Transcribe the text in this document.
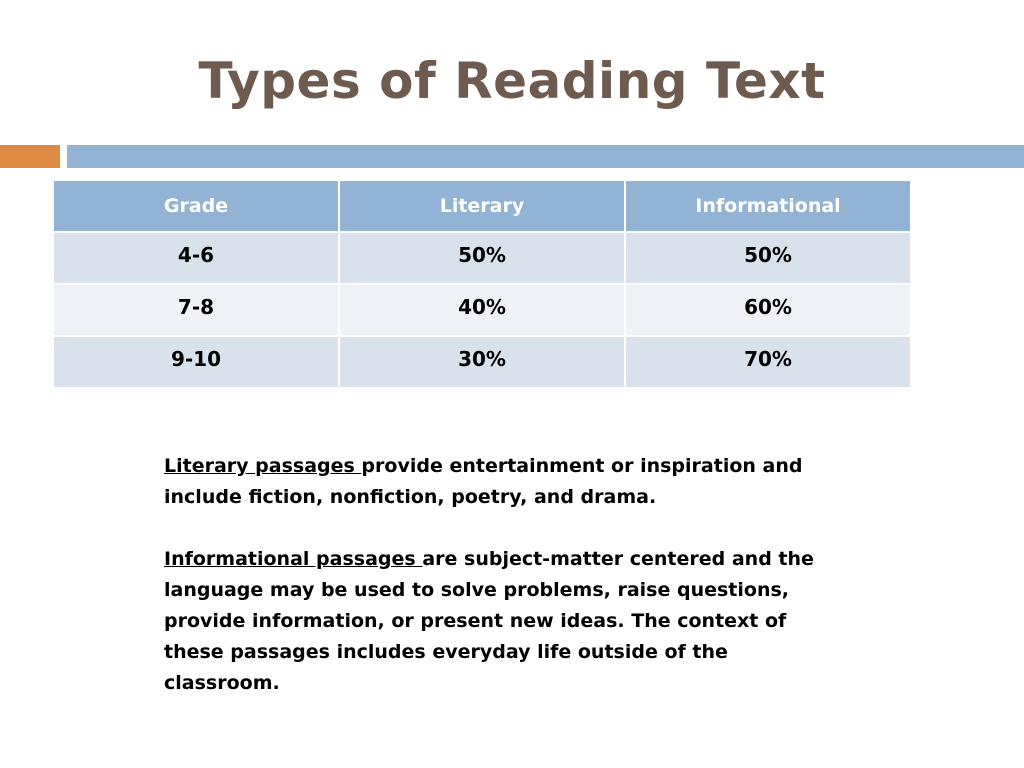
Types of Reading Text
Grade	Literary	Informational
4-6	50%	50%
7-8	40%	60%
9-10	30%	70%

Literary passages provide entertainment or inspiration and include fiction, nonfiction, poetry, and drama.

Informational passages are subject-matter centered and the language may be used to solve problems, raise questions, provide information, or present new ideas. The context of these passages includes everyday life outside of the classroom.
